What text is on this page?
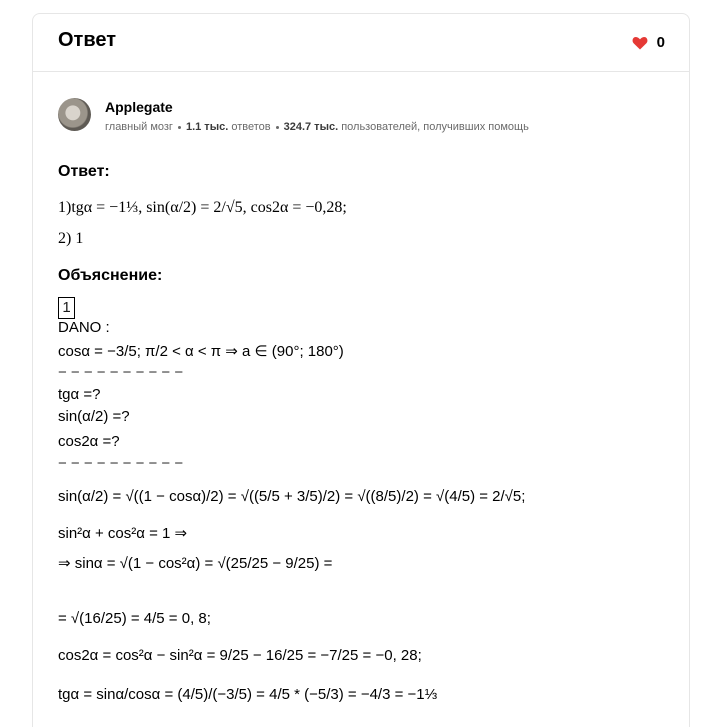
Ответ	0
Applegate
главный мозг 1.1 тыс. ответов 324.7 тыс. пользователей, получивших помощь
Ответ:
1)tgα = −1⅓, sin(α/2) = 2/√5, cos2α = −0,28;
2) 1
Объяснение:
1
DANO :
cosα = −3/5; π/2 < α < π ⇒ a ∈ (90°; 180°)
− − − − − − − − − −
tgα =?
sin(α/2) =?
cos2α =?
− − − − − − − − − −
sin(α/2) = √((1 − cosα)/2) = √((5/5 + 3/5)/2) = √((8/5)/2) = √(4/5) = 2/√5;
sin²α + cos²α = 1 ⇒
⇒ sinα = √(1 − cos²α) = √(25/25 − 9/25) =
= √(16/25) = 4/5 = 0, 8;
cos2α = cos²α − sin²α = 9/25 − 16/25 = −7/25 = −0, 28;
tgα = sinα/cosα = (4/5)/(−3/5) = 4/5 * (−5/3) = −4/3 = −1⅓
